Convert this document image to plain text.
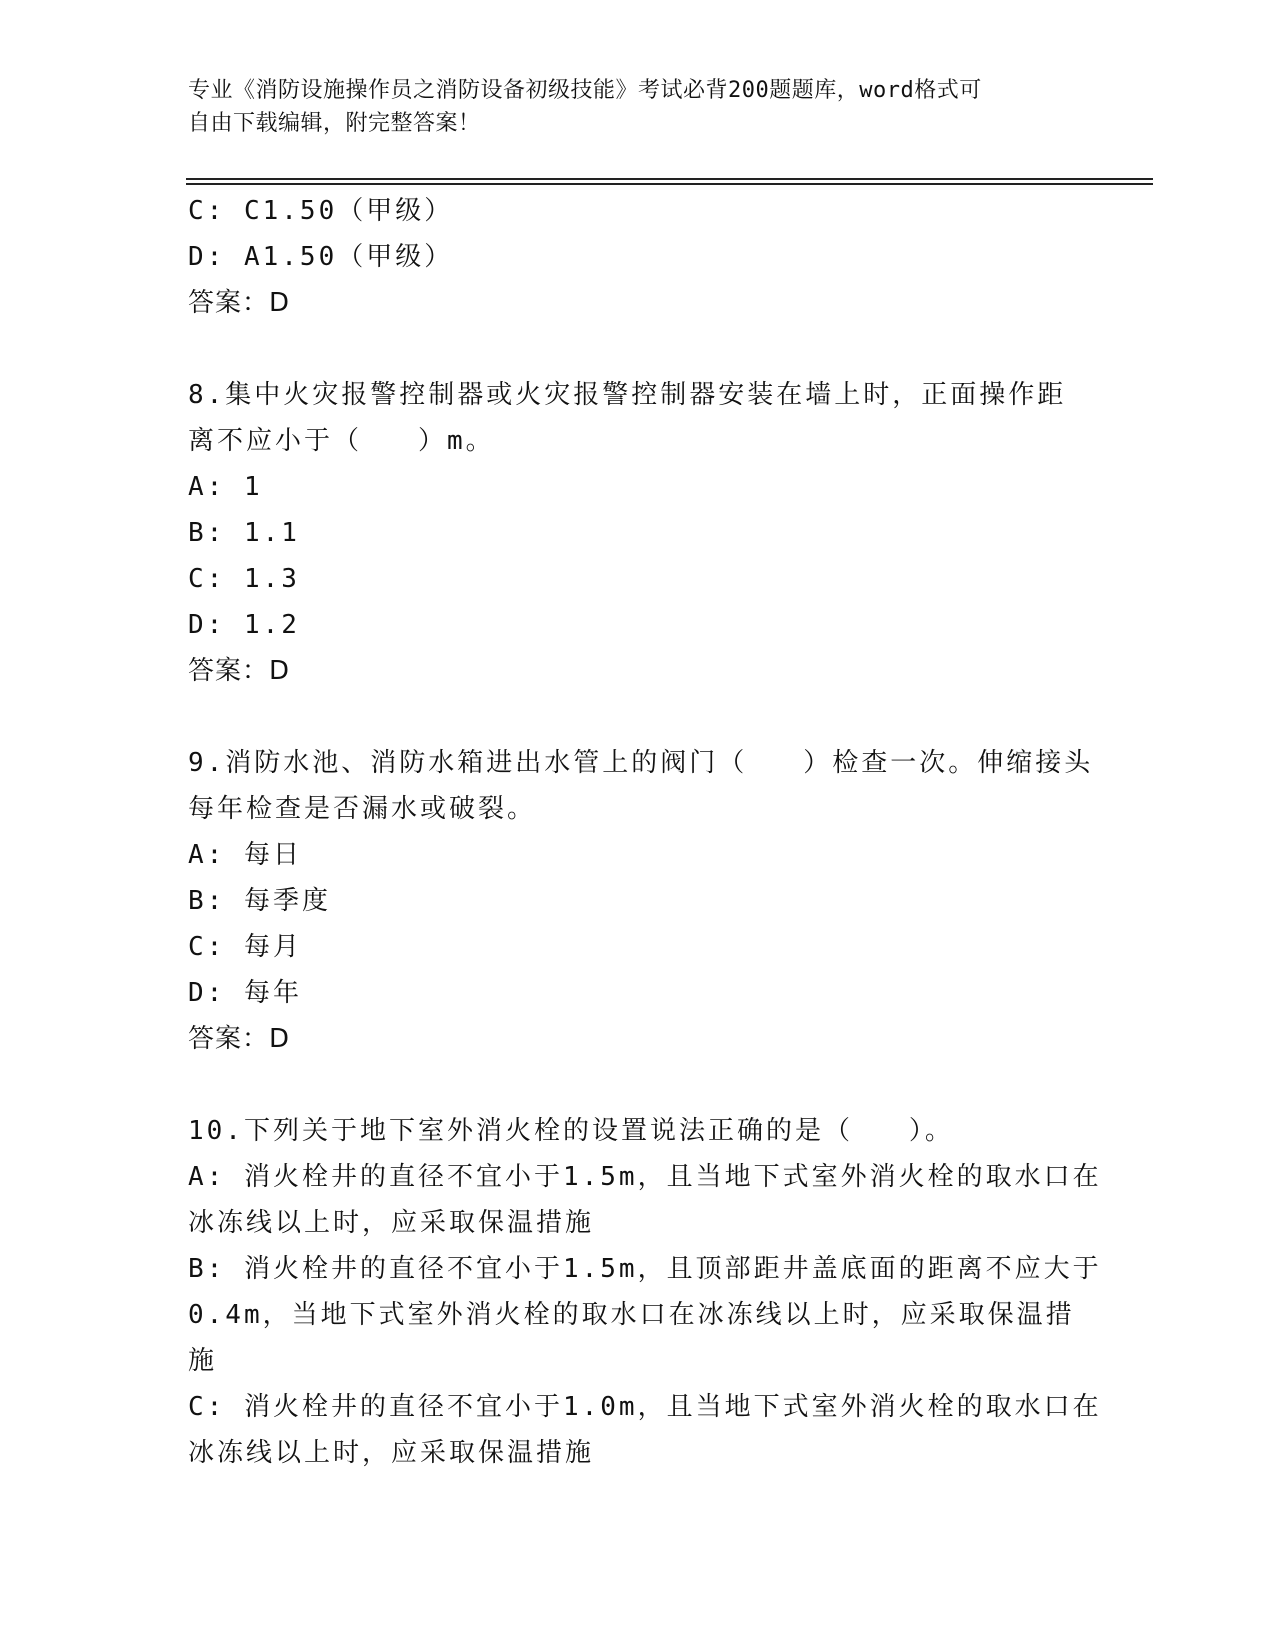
专业《消防设施操作员之消防设备初级技能》考试必背200题题库，word格式可
自由下载编辑，附完整答案！
C: C1.50（甲级）
D: A1.50（甲级）
答案：D
8.集中火灾报警控制器或火灾报警控制器安装在墙上时，正面操作距
离不应小于（   ）m。
A: 1
B: 1.1
C: 1.3
D: 1.2
答案：D
9.消防水池、消防水箱进出水管上的阀门（   ）检查一次。伸缩接头
每年检查是否漏水或破裂。
A: 每日
B: 每季度
C: 每月
D: 每年
答案：D
10.下列关于地下室外消火栓的设置说法正确的是（   ）。
A: 消火栓井的直径不宜小于1.5m，且当地下式室外消火栓的取水口在
冰冻线以上时，应采取保温措施
B: 消火栓井的直径不宜小于1.5m，且顶部距井盖底面的距离不应大于
0.4m，当地下式室外消火栓的取水口在冰冻线以上时，应采取保温措
施
C: 消火栓井的直径不宜小于1.0m，且当地下式室外消火栓的取水口在
冰冻线以上时，应采取保温措施
